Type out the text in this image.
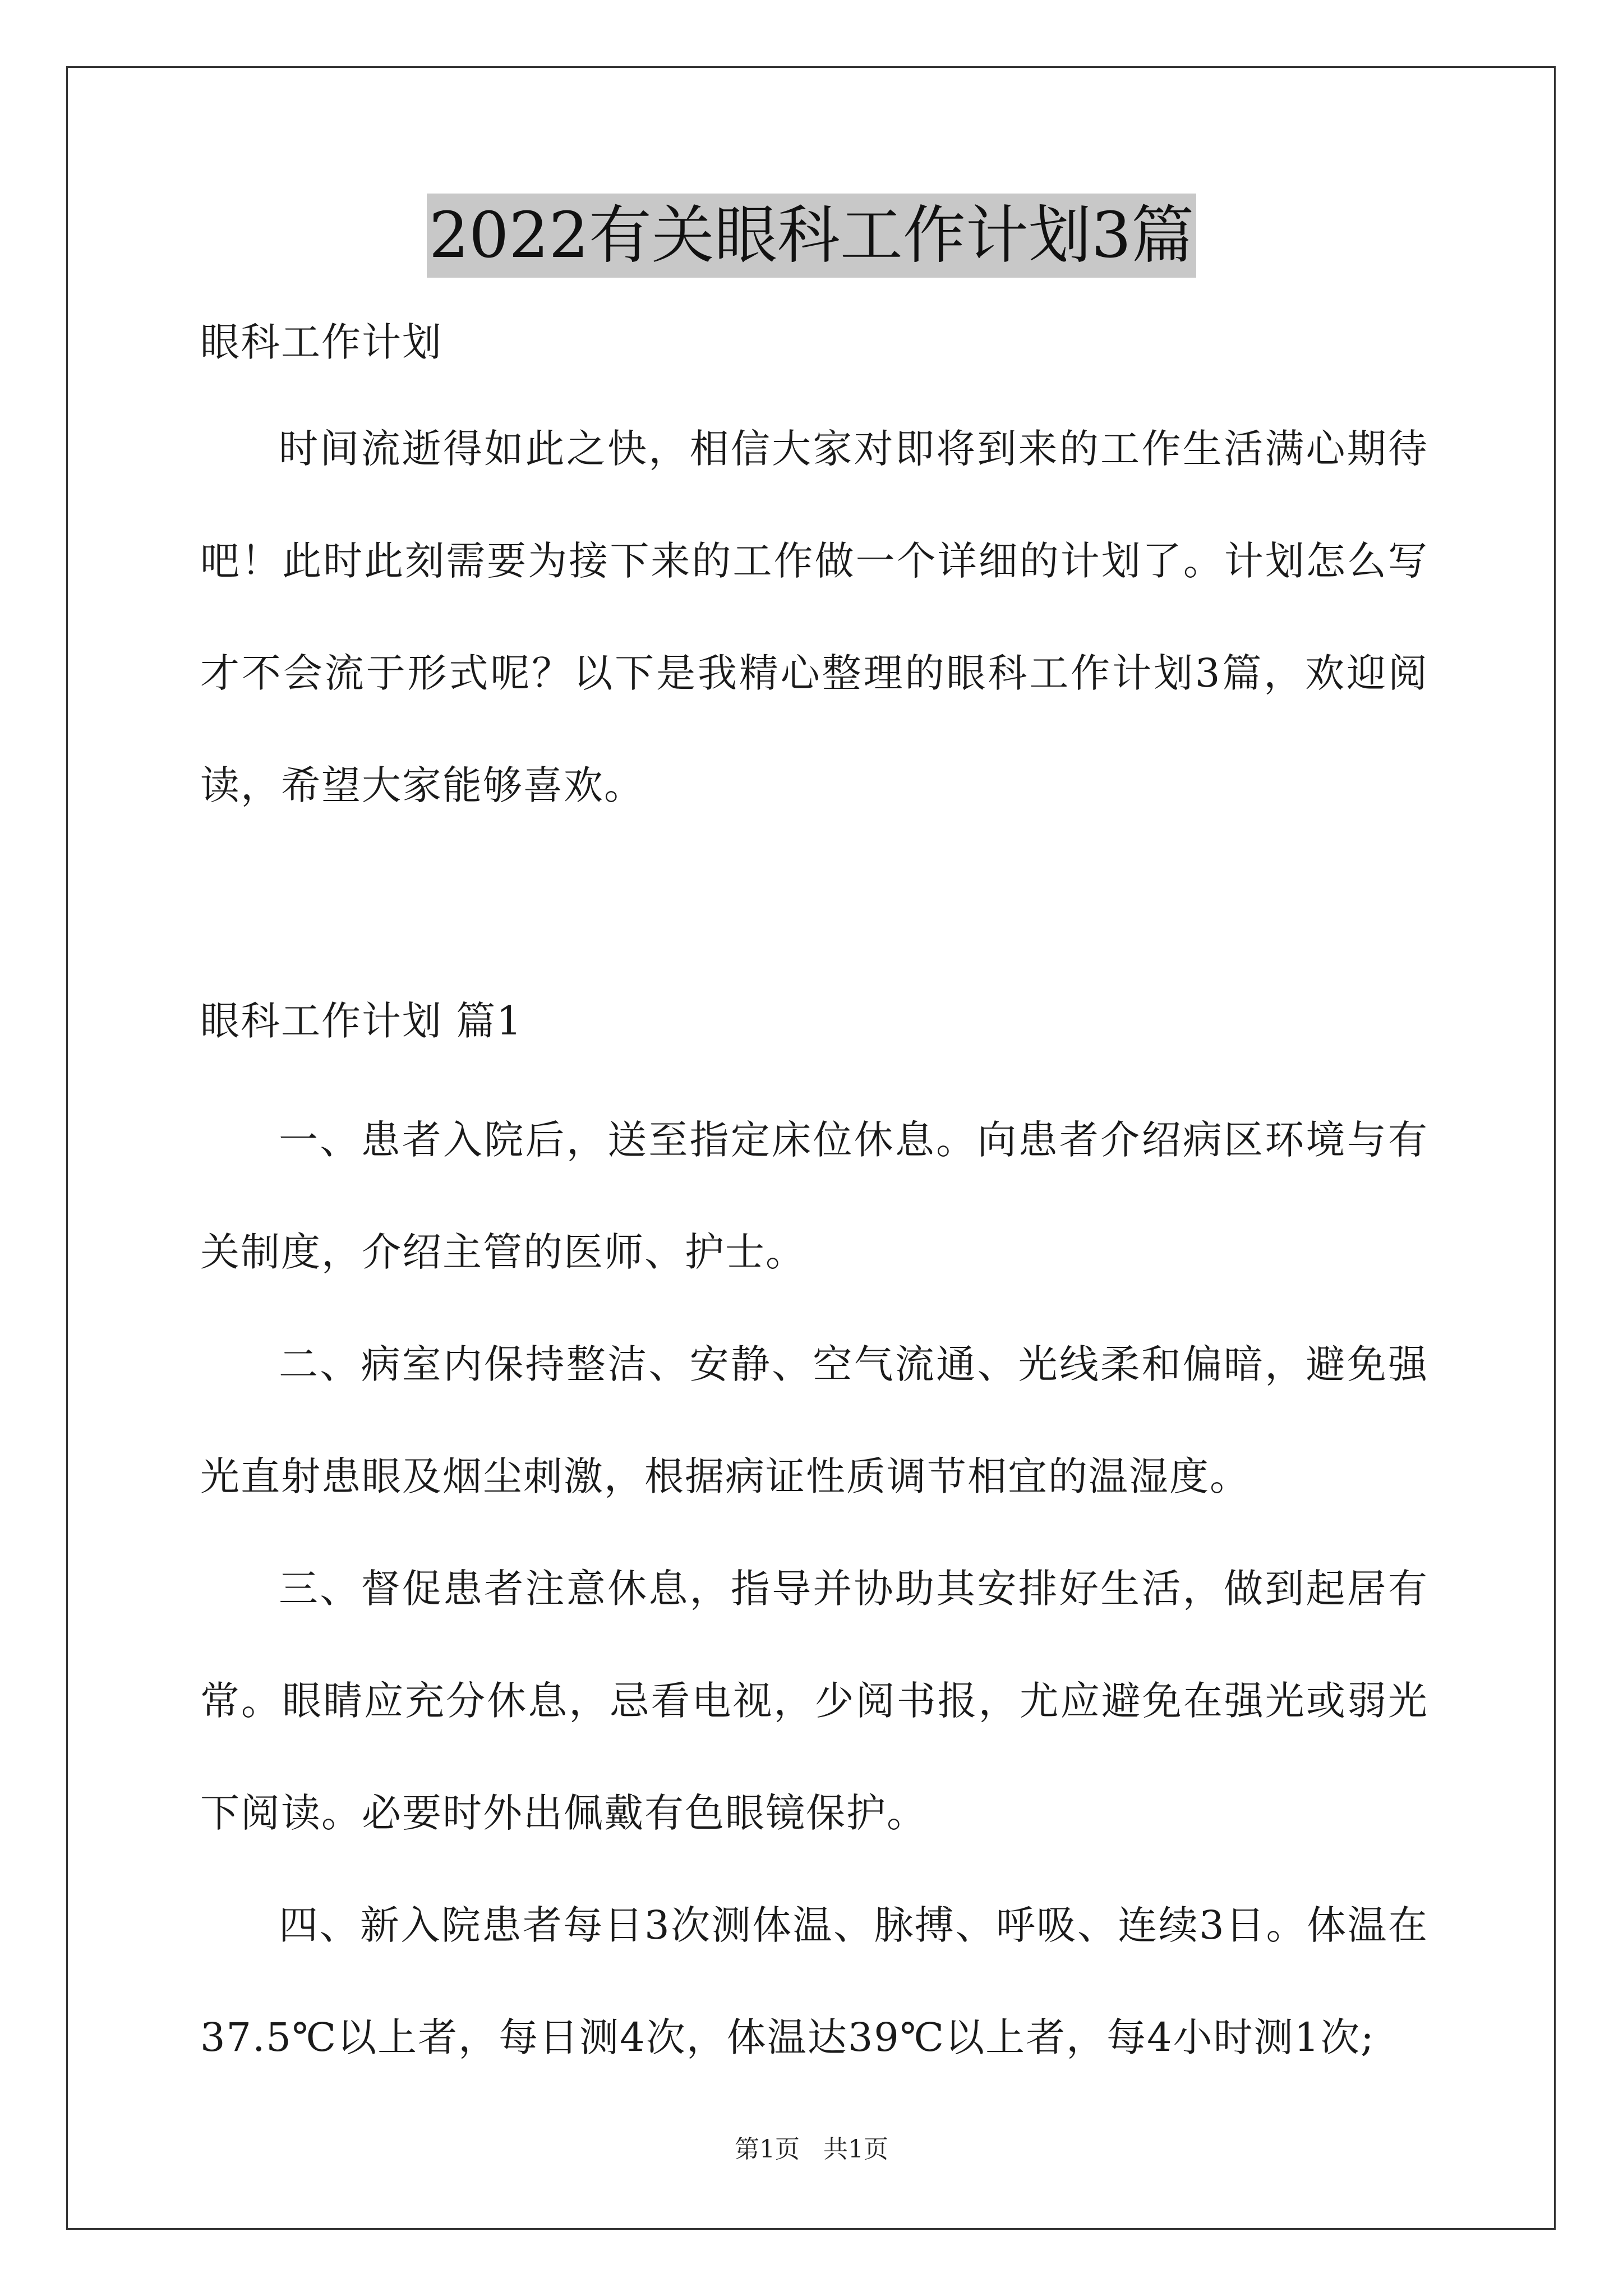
2022有关眼科工作计划3篇

眼科工作计划

时间流逝得如此之快，相信大家对即将到来的工作生活满心期待吧！此时此刻需要为接下来的工作做一个详细的计划了。计划怎么写才不会流于形式呢？以下是我精心整理的眼科工作计划3篇，欢迎阅读，希望大家能够喜欢。

眼科工作计划 篇1

一、患者入院后，送至指定床位休息。向患者介绍病区环境与有关制度，介绍主管的医师、护士。

二、病室内保持整洁、安静、空气流通、光线柔和偏暗，避免强光直射患眼及烟尘刺激，根据病证性质调节相宜的温湿度。

三、督促患者注意休息，指导并协助其安排好生活，做到起居有常。眼睛应充分休息，忌看电视，少阅书报，尤应避免在强光或弱光下阅读。必要时外出佩戴有色眼镜保护。

四、新入院患者每日3次测体温、脉搏、呼吸、连续3日。体温在37.5℃以上者，每日测4次，体温达39℃以上者，每4小时测1次;

第1页   共1页
